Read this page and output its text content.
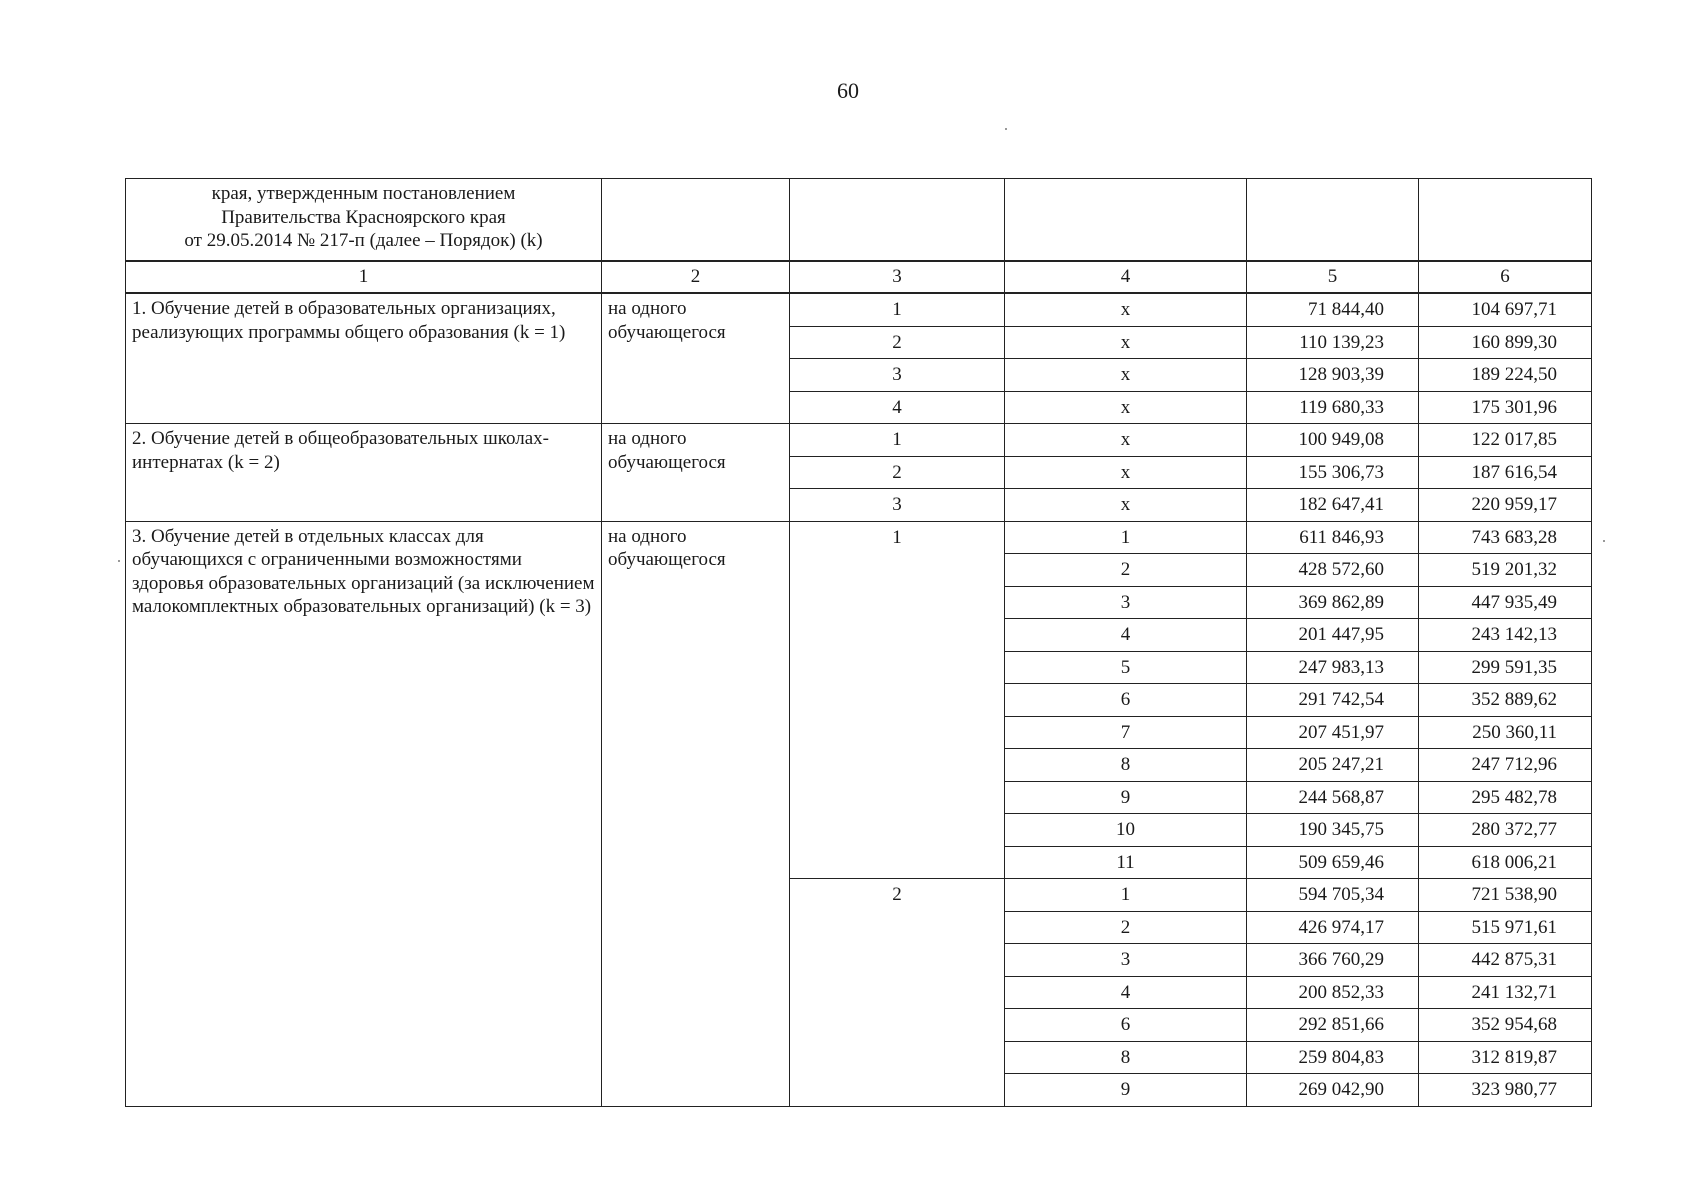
60
края, утвержденным постановлением
Правительства Красноярского края
от 29.05.2014 № 217-п (далее – Порядок) (k)					

1	2	3	4	5	6
1. Обучение детей в образовательных организациях, реализующих программы общего образования (k = 1)	на одного обучающегося	1	х	71 844,40	104 697,71
		2	х	110 139,23	160 899,30
		3	х	128 903,39	189 224,50
		4	х	119 680,33	175 301,96
2. Обучение детей в общеобразовательных школах-интернатах (k = 2)	на одного обучающегося	1	х	100 949,08	122 017,85
		2	х	155 306,73	187 616,54
		3	х	182 647,41	220 959,17
3. Обучение детей в отдельных классах для обучающихся с ограниченными возможностями здоровья образовательных организаций (за исключением малокомплектных образовательных организаций) (k = 3)	на одного обучающегося	1	1	611 846,93	743 683,28
			2	428 572,60	519 201,32
			3	369 862,89	447 935,49
			4	201 447,95	243 142,13
			5	247 983,13	299 591,35
			6	291 742,54	352 889,62
			7	207 451,97	250 360,11
			8	205 247,21	247 712,96
			9	244 568,87	295 482,78
			10	190 345,75	280 372,77
			11	509 659,46	618 006,21
		2	1	594 705,34	721 538,90
			2	426 974,17	515 971,61
			3	366 760,29	442 875,31
			4	200 852,33	241 132,71
			6	292 851,66	352 954,68
			8	259 804,83	312 819,87
			9	269 042,90	323 980,77
